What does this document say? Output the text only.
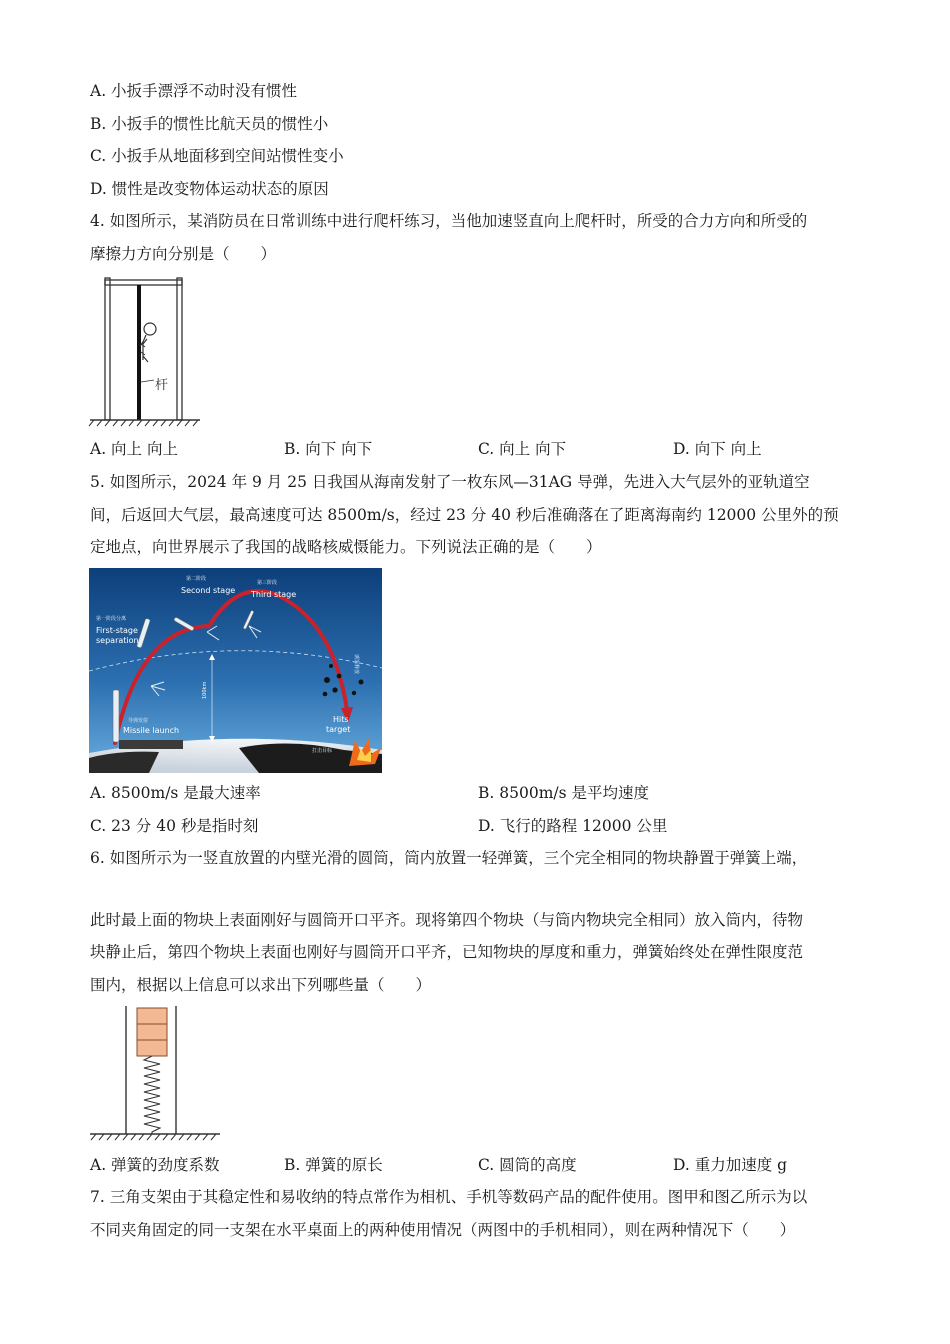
A. 小扳手漂浮不动时没有惯性
B. 小扳手的惯性比航天员的惯性小
C. 小扳手从地面移到空间站惯性变小
D. 惯性是改变物体运动状态的原因
4. 如图所示，某消防员在日常训练中进行爬杆练习，当他加速竖直向上爬杆时，所受的合力方向和所受的
摩擦力方向分别是（　　）
杆
A. 向上 向上	B. 向下 向下	C. 向上 向下	D. 向下 向上
5. 如图所示，2024 年 9 月 25 日我国从海南发射了一枚东风—31AG 导弹，先进入大气层外的亚轨道空
间，后返回大气层，最高速度可达 8500m/s，经过 23 分 40 秒后准确落在了距离海南约 12000 公里外的预
定地点，向世界展示了我国的战略核威慑能力。下列说法正确的是（　　）
100km
第二阶段
Second stage
第三阶段
Third stage
第一阶段分离
First-stage
separation
导弹发射
Missile launch
Hits
target
打击目标
诱饵释放
A. 8500m/s 是最大速率	B. 8500m/s 是平均速度
C. 23 分 40 秒是指时刻	D. 飞行的路程 12000 公里
6. 如图所示为一竖直放置的内壁光滑的圆筒，筒内放置一轻弹簧，三个完全相同的物块静置于弹簧上端，
此时最上面的物块上表面刚好与圆筒开口平齐。现将第四个物块（与筒内物块完全相同）放入筒内，待物
块静止后，第四个物块上表面也刚好与圆筒开口平齐，已知物块的厚度和重力，弹簧始终处在弹性限度范
围内，根据以上信息可以求出下列哪些量（　　）
A. 弹簧的劲度系数	B. 弹簧的原长	C. 圆筒的高度	D. 重力加速度 g
7. 三角支架由于其稳定性和易收纳的特点常作为相机、手机等数码产品的配件使用。图甲和图乙所示为以
不同夹角固定的同一支架在水平桌面上的两种使用情况（两图中的手机相同），则在两种情况下（　　）
